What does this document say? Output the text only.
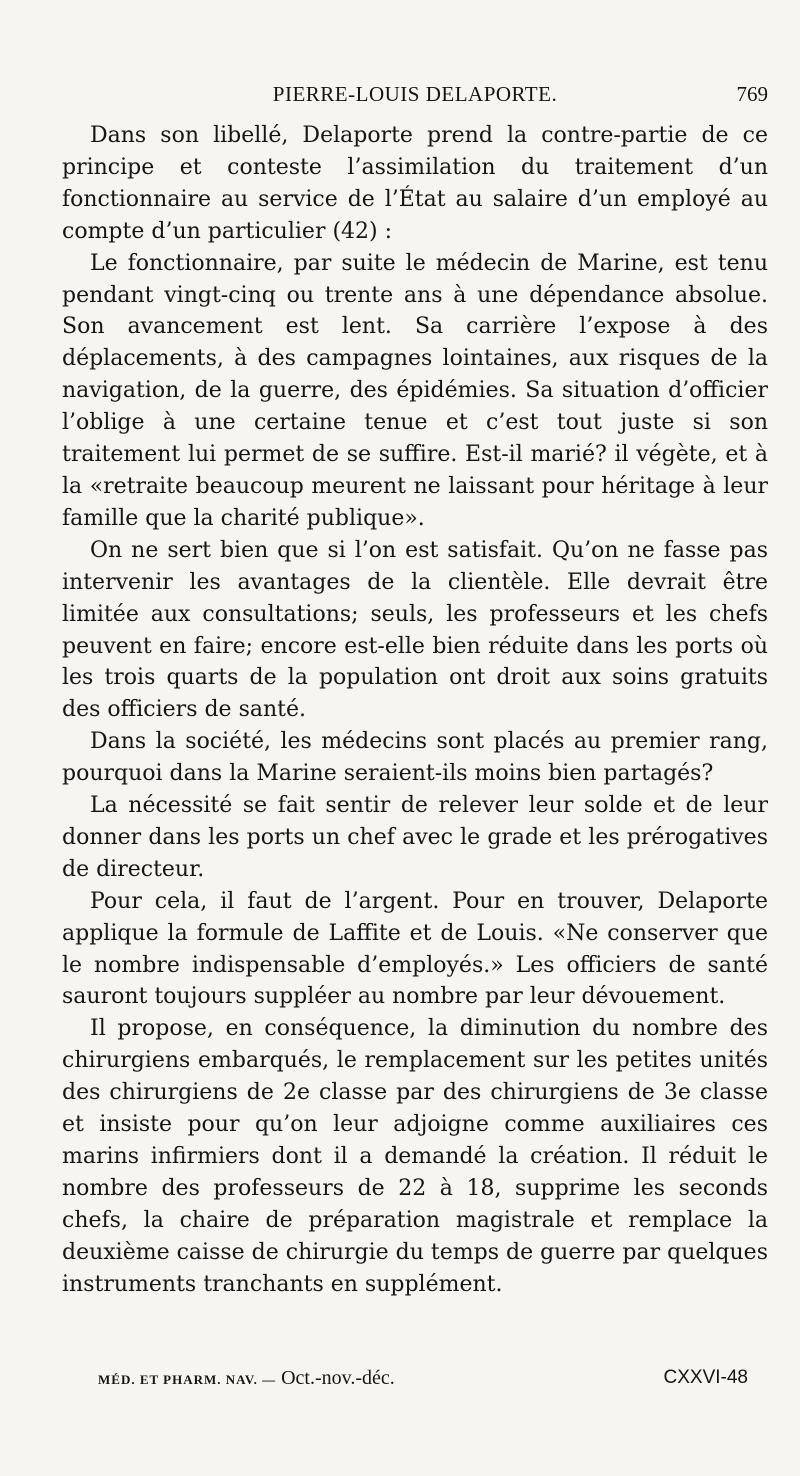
PIERRE-LOUIS DELAPORTE.	769

Dans son libellé, Delaporte prend la contre-partie de ce principe et conteste l’assimilation du traitement d’un fonctionnaire au service de l’État au salaire d’un employé au compte d’un particulier (42) :

Le fonctionnaire, par suite le médecin de Marine, est tenu pendant vingt-cinq ou trente ans à une dépendance absolue. Son avancement est lent. Sa carrière l’expose à des déplacements, à des campagnes lointaines, aux risques de la navigation, de la guerre, des épidémies. Sa situation d’officier l’oblige à une certaine tenue et c’est tout juste si son traitement lui permet de se suffire. Est-il marié? il végète, et à la «retraite beaucoup meurent ne laissant pour héritage à leur famille que la charité publique».

On ne sert bien que si l’on est satisfait. Qu’on ne fasse pas intervenir les avantages de la clientèle. Elle devrait être limitée aux consultations; seuls, les professeurs et les chefs peuvent en faire; encore est-elle bien réduite dans les ports où les trois quarts de la population ont droit aux soins gratuits des officiers de santé.

Dans la société, les médecins sont placés au premier rang, pourquoi dans la Marine seraient-ils moins bien partagés?

La nécessité se fait sentir de relever leur solde et de leur donner dans les ports un chef avec le grade et les prérogatives de directeur.

Pour cela, il faut de l’argent. Pour en trouver, Delaporte applique la formule de Laffite et de Louis. «Ne conserver que le nombre indispensable d’employés.» Les officiers de santé sauront toujours suppléer au nombre par leur dévouement.

Il propose, en conséquence, la diminution du nombre des chirurgiens embarqués, le remplacement sur les petites unités des chirurgiens de 2e classe par des chirurgiens de 3e classe et insiste pour qu’on leur adjoigne comme auxiliaires ces marins infirmiers dont il a demandé la création. Il réduit le nombre des professeurs de 22 à 18, supprime les seconds chefs, la chaire de préparation magistrale et remplace la deuxième caisse de chirurgie du temps de guerre par quelques instruments tranchants en supplément.

MÉD. ET PHARM. NAV. — Oct.-nov.-déc.	CXXVI-48
